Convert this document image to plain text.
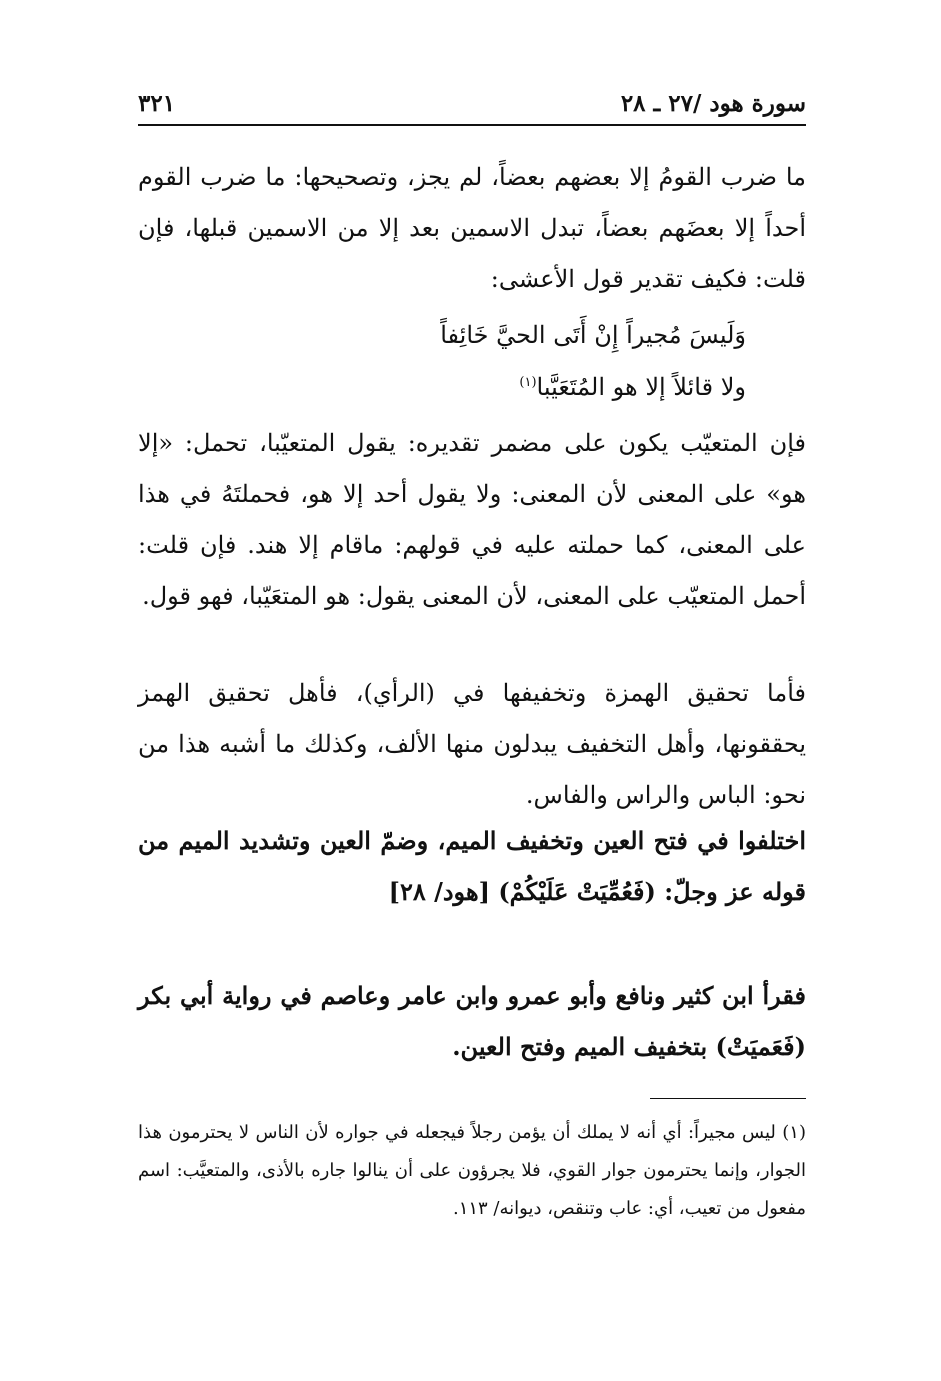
سورة هود /٢٧ ـ ٢٨
٣٢١
ما ضرب القومُ إلا بعضهم بعضاً، لم يجز، وتصحيحها: ما ضرب القوم أحداً إلا بعضَهم بعضاً، تبدل الاسمين بعد إلا من الاسمين قبلها، فإن قلت: فكيف تقدير قول الأعشى:
وَلَيسَ مُجيراً إِنْ أَتَى الحيَّ خَائِفاً
ولا قائلاً إلا هو المُتَعَيَّبا$^{(١)}$
فإن المتعيّب يكون على مضمر تقديره: يقول المتعيّبا، تحمل: «إلا هو» على المعنى لأن المعنى: ولا يقول أحد إلا هو، فحملتَهُ في هذا على المعنى، كما حملته عليه في قولهم: ماقام إلا هند. فإن قلت: أحمل المتعيّب على المعنى، لأن المعنى يقول: هو المتعَيّبا، فهو قول.
فأما تحقيق الهمزة وتخفيفها في (الرأي)، فأهل تحقيق الهمز يحققونها، وأهل التخفيف يبدلون منها الألف، وكذلك ما أشبه هذا من نحو: الباس والراس والفاس.
اختلفوا في فتح العين وتخفيف الميم، وضمّ العين وتشديد الميم من قوله عز وجلّ: (فَعُمِّيَتْ عَلَيْكُمْ) [هود/ ٢٨]
فقرأ ابن كثير ونافع وأبو عمرو وابن عامر وعاصم في رواية أبي بكر (فَعَميَتْ) بتخفيف الميم وفتح العين.
(١) ليس مجيراً: أي أنه لا يملك أن يؤمن رجلاً فيجعله في جواره لأن الناس لا يحترمون هذا الجوار، وإنما يحترمون جوار القوي، فلا يجرؤون على أن ينالوا جاره بالأذى، والمتعيَّب: اسم مفعول من تعيب، أي: عاب وتنقص، ديوانه/ ١١٣.
